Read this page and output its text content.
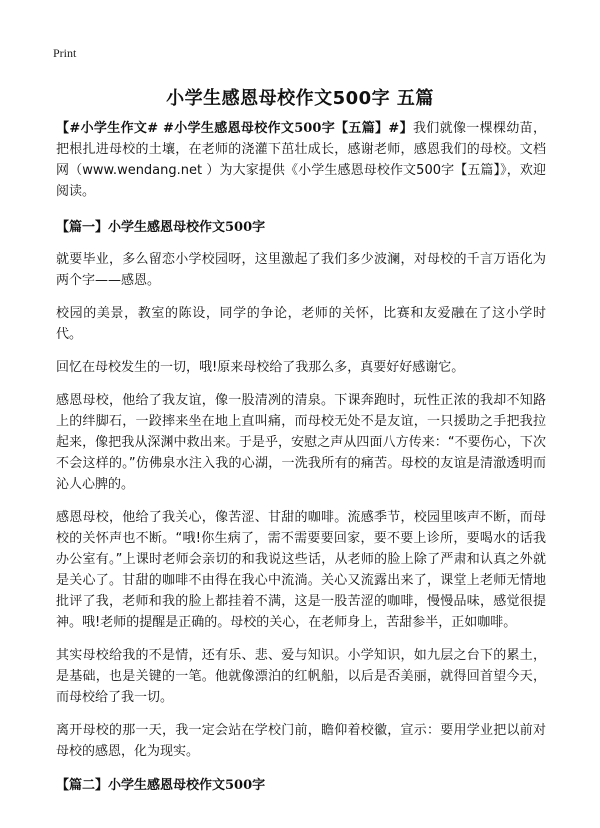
Print
小学生感恩母校作文500字 五篇

【#小学生作文# #小学生感恩母校作文500字【五篇】#】我们就像一棵棵幼苗，把根扎进母校的土壤，在老师的浇灌下茁壮成长，感谢老师，感恩我们的母校。文档网（www.wendang.net ）为大家提供《小学生感恩母校作文500字【五篇】》，欢迎阅读。

【篇一】小学生感恩母校作文500字

就要毕业，多么留恋小学校园呀，这里激起了我们多少波澜，对母校的千言万语化为两个字——感恩。

校园的美景，教室的陈设，同学的争论，老师的关怀，比赛和友爱融在了这小学时代。

回忆在母校发生的一切，哦!原来母校给了我那么多，真要好好感谢它。

感恩母校，他给了我友谊，像一股清冽的清泉。下课奔跑时，玩性正浓的我却不知路上的绊脚石，一跤摔来坐在地上直叫痛，而母校无处不是友谊，一只援助之手把我拉起来，像把我从深渊中救出来。于是乎，安慰之声从四面八方传来：“不要伤心，下次不会这样的。”仿佛泉水注入我的心湖，一洗我所有的痛苦。母校的友谊是清澈透明而沁人心脾的。

感恩母校，他给了我关心，像苦涩、甘甜的咖啡。流感季节，校园里咳声不断，而母校的关怀声也不断。“哦!你生病了，需不需要要回家，要不要上诊所，要喝水的话我办公室有。”上课时老师会亲切的和我说这些话，从老师的脸上除了严肃和认真之外就是关心了。甘甜的咖啡不由得在我心中流淌。关心又流露出来了，课堂上老师无情地批评了我，老师和我的脸上都挂着不满，这是一股苦涩的咖啡，慢慢品味，感觉很提神。哦!老师的提醒是正确的。母校的关心，在老师身上，苦甜参半，正如咖啡。

其实母校给我的不是情，还有乐、悲、爱与知识。小学知识，如九层之台下的累土，是基础，也是关键的一笔。他就像漂泊的红帆船，以后是否美丽，就得回首望今天，而母校给了我一切。

离开母校的那一天，我一定会站在学校门前，瞻仰着校徽，宣示：要用学业把以前对母校的感恩，化为现实。

【篇二】小学生感恩母校作文500字
